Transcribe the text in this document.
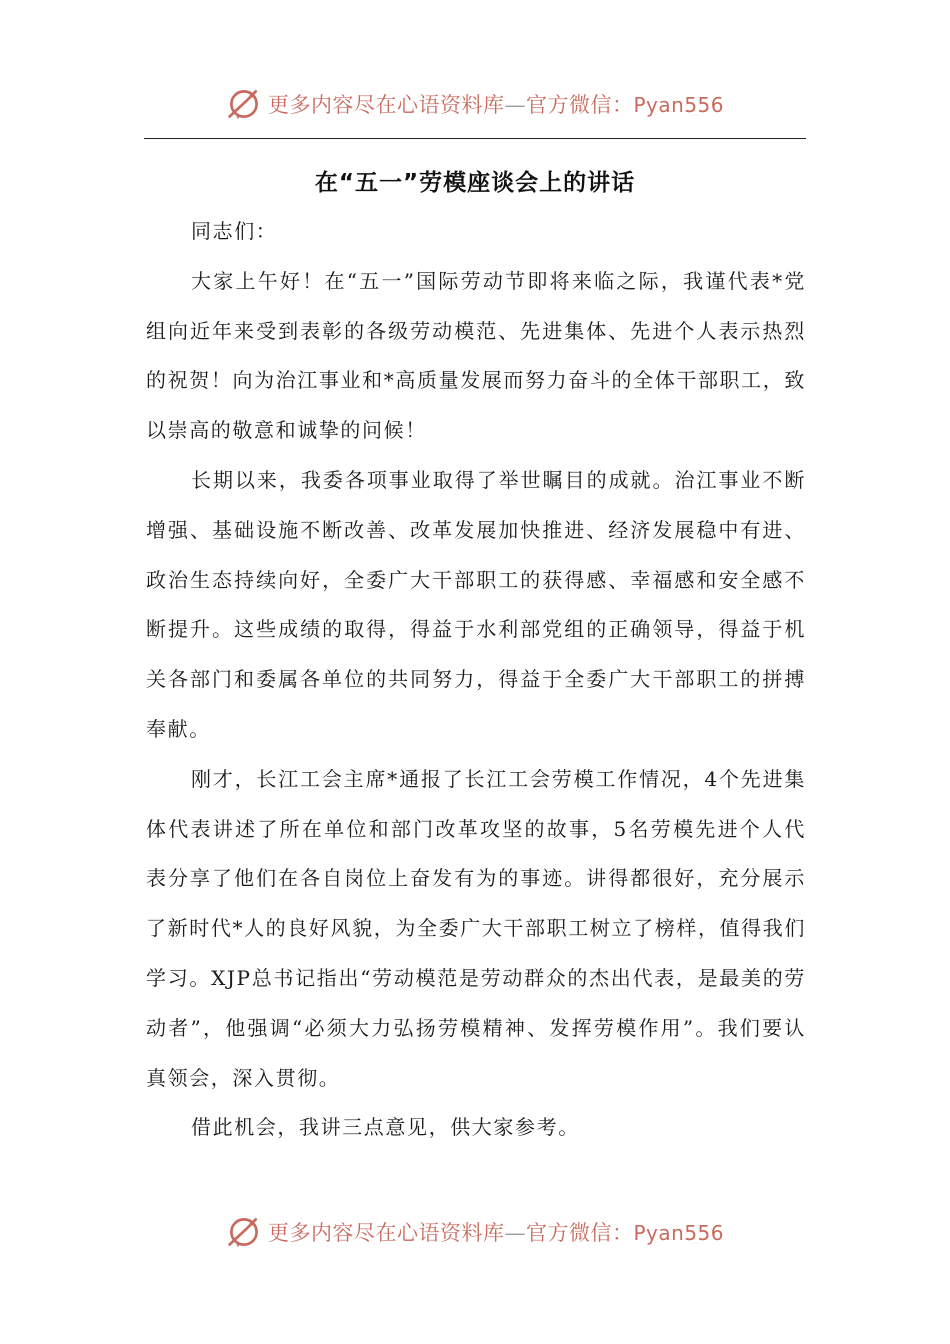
更多内容尽在心语资料库—官方微信：Pyan556
在“五一”劳模座谈会上的讲话

同志们：

大家上午好！在“五一”国际劳动节即将来临之际，我谨代表*党组向近年来受到表彰的各级劳动模范、先进集体、先进个人表示热烈的祝贺！向为治江事业和*高质量发展而努力奋斗的全体干部职工，致以崇高的敬意和诚挚的问候！

长期以来，我委各项事业取得了举世瞩目的成就。治江事业不断增强、基础设施不断改善、改革发展加快推进、经济发展稳中有进、政治生态持续向好，全委广大干部职工的获得感、幸福感和安全感不断提升。这些成绩的取得，得益于水利部党组的正确领导，得益于机关各部门和委属各单位的共同努力，得益于全委广大干部职工的拼搏奉献。

刚才，长江工会主席*通报了长江工会劳模工作情况，4个先进集体代表讲述了所在单位和部门改革攻坚的故事，5名劳模先进个人代表分享了他们在各自岗位上奋发有为的事迹。讲得都很好，充分展示了新时代*人的良好风貌，为全委广大干部职工树立了榜样，值得我们学习。XJP总书记指出“劳动模范是劳动群众的杰出代表，是最美的劳动者”，他强调“必须大力弘扬劳模精神、发挥劳模作用”。我们要认真领会，深入贯彻。

借此机会，我讲三点意见，供大家参考。

更多内容尽在心语资料库—官方微信：Pyan556
